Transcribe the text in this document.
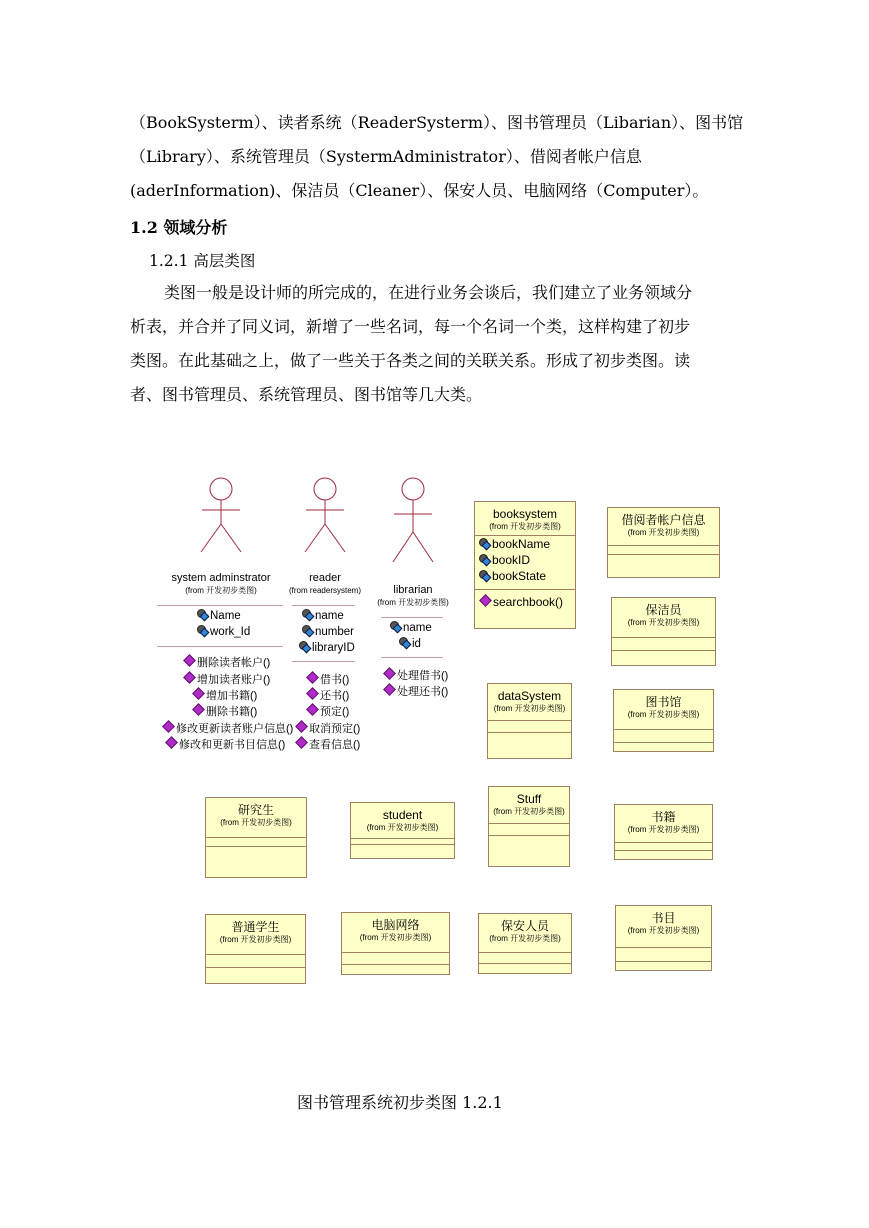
（BookSysterm）、读者系统（ReaderSysterm）、图书管理员（Libarian）、图书馆

（Library）、系统管理员（SystermAdministrator）、借阅者帐户信息

(aderInformation)、保洁员（Cleaner）、保安人员、电脑网络（Computer）。

1.2 领域分析
1.2.1 高层类图

类图一般是设计师的所完成的，在进行业务会谈后，我们建立了业务领域分

析表，并合并了同义词，新增了一些名词，每一个名词一个类，这样构建了初步

类图。在此基础之上，做了一些关于各类之间的关联关系。形成了初步类图。读

者、图书管理员、系统管理员、图书馆等几大类。

system adminstrator
(from 开发初步类图)
Name
work_Id
删除读者帐户()
增加读者账户()
增加书籍()
删除书籍()
修改更新读者账户信息()
修改和更新书目信息()
reader
(from readersystem)
name
number
libraryID
借书()
还书()
预定()
取消预定()
查看信息()
librarian
(from 开发初步类图)
name
id
处理借书()
处理还书()
booksystem
(from 开发初步类图)
bookName
bookID
bookState
searchbook()
借阅者帐户信息
(from 开发初步类图)
保洁员
(from 开发初步类图)
图书馆
(from 开发初步类图)
dataSystem
(from 开发初步类图)
Stuff
(from 开发初步类图)	书籍
(from 开发初步类图)
研究生
(from 开发初步类图)
student
(from 开发初步类图)
普通学生
(from 开发初步类图)
电脑网络
(from 开发初步类图)
保安人员
(from 开发初步类图)
书目
(from 开发初步类图)
图书管理系统初步类图 1.2.1
